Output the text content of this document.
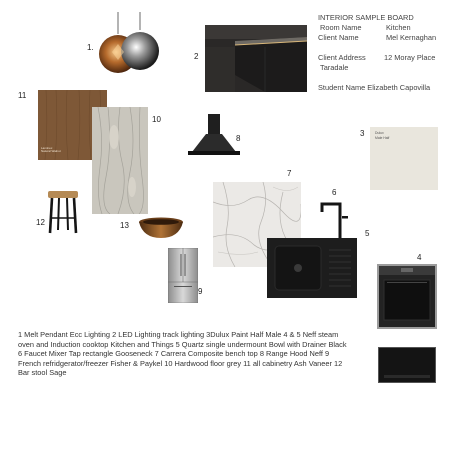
1.
2
3
4
5
6
7
8
9
10
11
12	13
INTERIOR SAMPLE BOARD
Room Name	Kitchen
Client Name	Mel Kernaghan
Client Address 12 Moray Place
Taradale
Student Name Elizabeth Capovilla
Laminex
Natural Walnut
Dulux
Male Half
1 Melt Pendant Ecc Lighting 2 LED Lighting track lighting 3Dulux Paint Half Male 4 & 5 Neff steam oven and Induction cooktop Kitchen and Things 5 Quartz single undermount Bowl with Drainer Black 6 Faucet Mixer Tap rectangle Gooseneck 7 Carrera Composite bench top 8 Range Hood Neff 9 French refridgerator/freezer Fisher & Paykel 10 Hardwood floor grey 11 all cabinetry Ash Vaneer 12 Bar stool Sage
